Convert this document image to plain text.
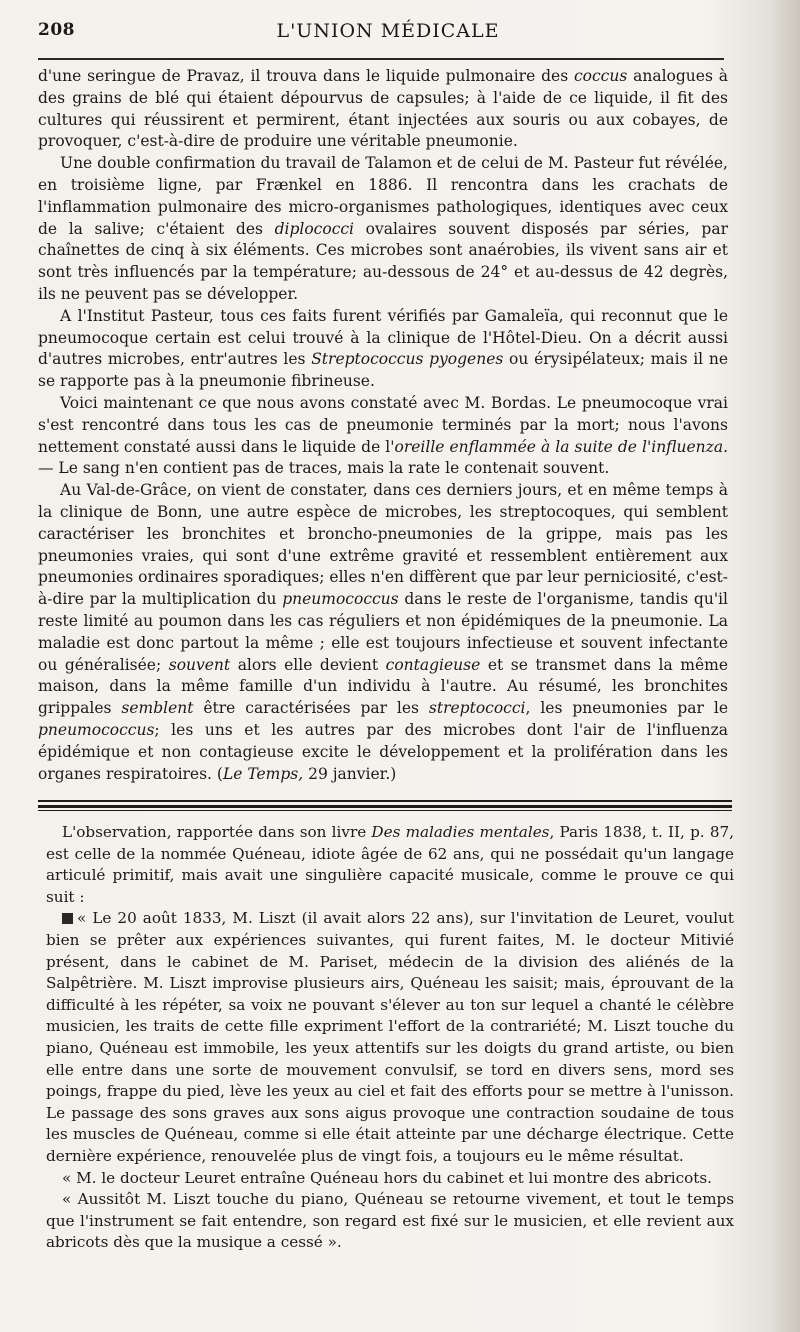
208	L'UNION MÉDICALE

d'une seringue de Pravaz, il trouva dans le liquide pulmonaire des coccus analogues à des grains de blé qui étaient dépourvus de capsules; à l'aide de ce liquide, il fit des cultures qui réussirent et permirent, étant injectées aux souris ou aux cobayes, de provoquer, c'est-à-dire de produire une véritable pneumonie.

Une double confirmation du travail de Talamon et de celui de M. Pasteur fut révélée, en troisième ligne, par Frænkel en 1886. Il rencontra dans les crachats de l'inflammation pulmonaire des micro-organismes pathologiques, identiques avec ceux de la salive; c'étaient des diplococci ovalaires souvent disposés par séries, par chaînettes de cinq à six éléments. Ces microbes sont anaérobies, ils vivent sans air et sont très influencés par la température; au-dessous de 24° et au-dessus de 42 degrès, ils ne peuvent pas se développer.

A l'Institut Pasteur, tous ces faits furent vérifiés par Gamaleïa, qui reconnut que le pneumocoque certain est celui trouvé à la clinique de l'Hôtel-Dieu. On a décrit aussi d'autres microbes, entr'autres les Streptococcus pyogenes ou érysipélateux; mais il ne se rapporte pas à la pneumonie fibrineuse.

Voici maintenant ce que nous avons constaté avec M. Bordas. Le pneumocoque vrai s'est rencontré dans tous les cas de pneumonie terminés par la mort; nous l'avons nettement constaté aussi dans le liquide de l'oreille enflammée à la suite de l'influenza. — Le sang n'en contient pas de traces, mais la rate le contenait souvent.

Au Val-de-Grâce, on vient de constater, dans ces derniers jours, et en même temps à la clinique de Bonn, une autre espèce de microbes, les streptocoques, qui semblent caractériser les bronchites et broncho-pneumonies de la grippe, mais pas les pneumonies vraies, qui sont d'une extrême gravité et ressemblent entièrement aux pneumonies ordinaires sporadiques; elles n'en diffèrent que par leur perniciosité, c'est-à-dire par la multiplication du pneumococcus dans le reste de l'organisme, tandis qu'il reste limité au poumon dans les cas réguliers et non épidémiques de la pneumonie. La maladie est donc partout la même ; elle est toujours infectieuse et souvent infectante ou généralisée; souvent alors elle devient contagieuse et se transmet dans la même maison, dans la même famille d'un individu à l'autre. Au résumé, les bronchites grippales semblent être caractérisées par les streptococci, les pneumonies par le pneumococcus; les uns et les autres par des microbes dont l'air de l'influenza épidémique et non contagieuse excite le développement et la prolifération dans les organes respiratoires. (Le Temps, 29 janvier.)

L'observation, rapportée dans son livre Des maladies mentales, Paris 1838, t. II, p. 87, est celle de la nommée Quéneau, idiote âgée de 62 ans, qui ne possédait qu'un langage articulé primitif, mais avait une singulière capacité musicale, comme le prouve ce qui suit :

« Le 20 août 1833, M. Liszt (il avait alors 22 ans), sur l'invitation de Leuret, voulut bien se prêter aux expériences suivantes, qui furent faites, M. le docteur Mitivié présent, dans le cabinet de M. Pariset, médecin de la division des aliénés de la Salpêtrière. M. Liszt improvise plusieurs airs, Quéneau les saisit; mais, éprouvant de la difficulté à les répéter, sa voix ne pouvant s'élever au ton sur lequel a chanté le célèbre musicien, les traits de cette fille expriment l'effort de la contrariété; M. Liszt touche du piano, Quéneau est immobile, les yeux attentifs sur les doigts du grand artiste, ou bien elle entre dans une sorte de mouvement convulsif, se tord en divers sens, mord ses poings, frappe du pied, lève les yeux au ciel et fait des efforts pour se mettre à l'unisson. Le passage des sons graves aux sons aigus provoque une contraction soudaine de tous les muscles de Quéneau, comme si elle était atteinte par une décharge électrique. Cette dernière expérience, renouvelée plus de vingt fois, a toujours eu le même résultat.

« M. le docteur Leuret entraîne Quéneau hors du cabinet et lui montre des abricots.

« Aussitôt M. Liszt touche du piano, Quéneau se retourne vivement, et tout le temps que l'instrument se fait entendre, son regard est fixé sur le musicien, et elle revient aux abricots dès que la musique a cessé ».
